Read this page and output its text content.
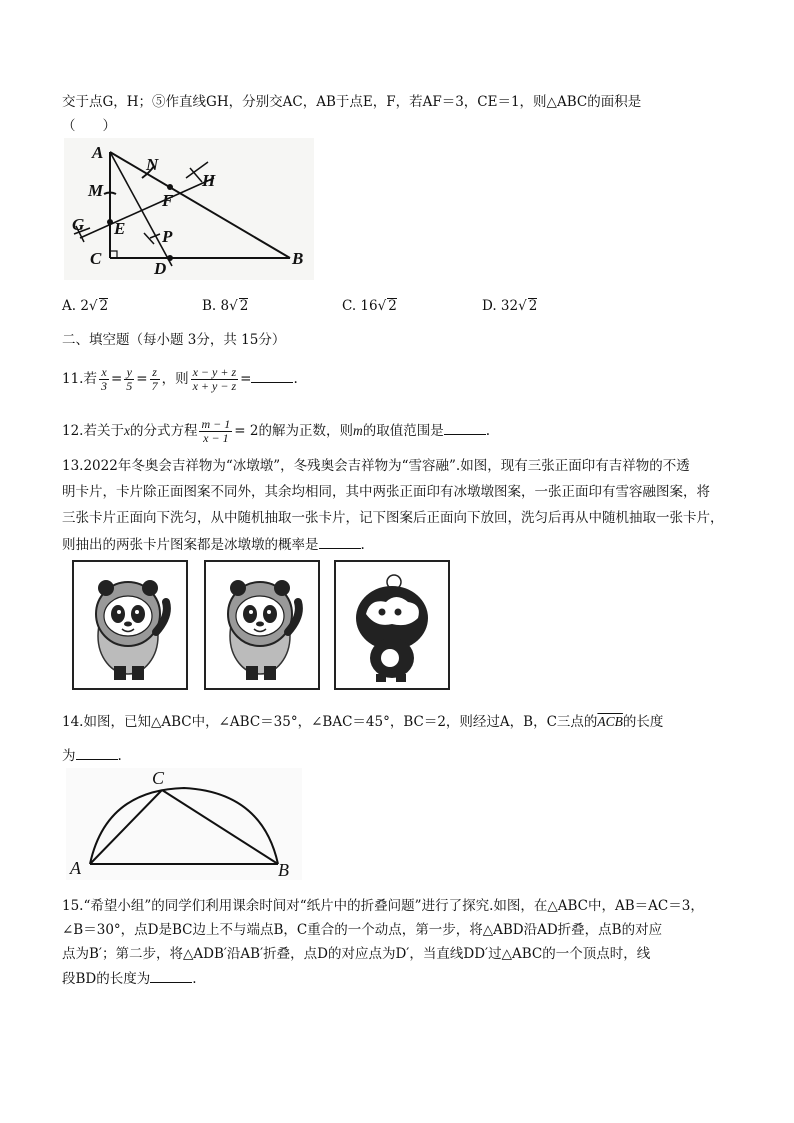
交于点G，H；⑤作直线GH，分别交AC，AB于点E，F，若AF＝3，CE＝1，则△ABC的面积是
（　　）
A
B
C
D
E
F
G
H
M
N
P
A. 2√ 2	B. 8√ 2	C. 16√ 2	D. 32√ 2
二、填空题（每小题 3分，共 15分）
11.若 $\frac{x}{3} = \frac{y}{5} = \frac{z}{7}$ ，则 $\frac{x - y + z}{x + y - z}$ =	.
12.若关于x的分式方程 $\frac{m - 1}{x - 1} = 2$的解为正数，则m的取值范围是	.
13.2022年冬奥会吉祥物为“冰墩墩”，冬残奥会吉祥物为“雪容融”.如图，现有三张正面印有吉祥物的不透
明卡片，卡片除正面图案不同外，其余均相同，其中两张正面印有冰墩墩图案，一张正面印有雪容融图案，将
三张卡片正面向下洗匀，从中随机抽取一张卡片，记下图案后正面向下放回，洗匀后再从中随机抽取一张卡片，
则抽出的两张卡片图案都是冰墩墩的概率是	.
14.如图，已知△ABC中，∠ABC＝35°，∠BAC＝45°，BC＝2，则经过A，B，C三点的$\overline{ACB}$的长度
为	.
C
A	B
15.“希望小组”的同学们利用课余时间对“纸片中的折叠问题”进行了探究.如图，在△ABC中，AB＝AC＝3，
∠B＝30°，点D是BC边上不与端点B，C重合的一个动点，第一步，将△ABD沿AD折叠，点B的对应
点为B′；第二步，将△ADB′沿AB′折叠，点D的对应点为D′，当直线DD′过△ABC的一个顶点时，线
段BD的长度为	.
